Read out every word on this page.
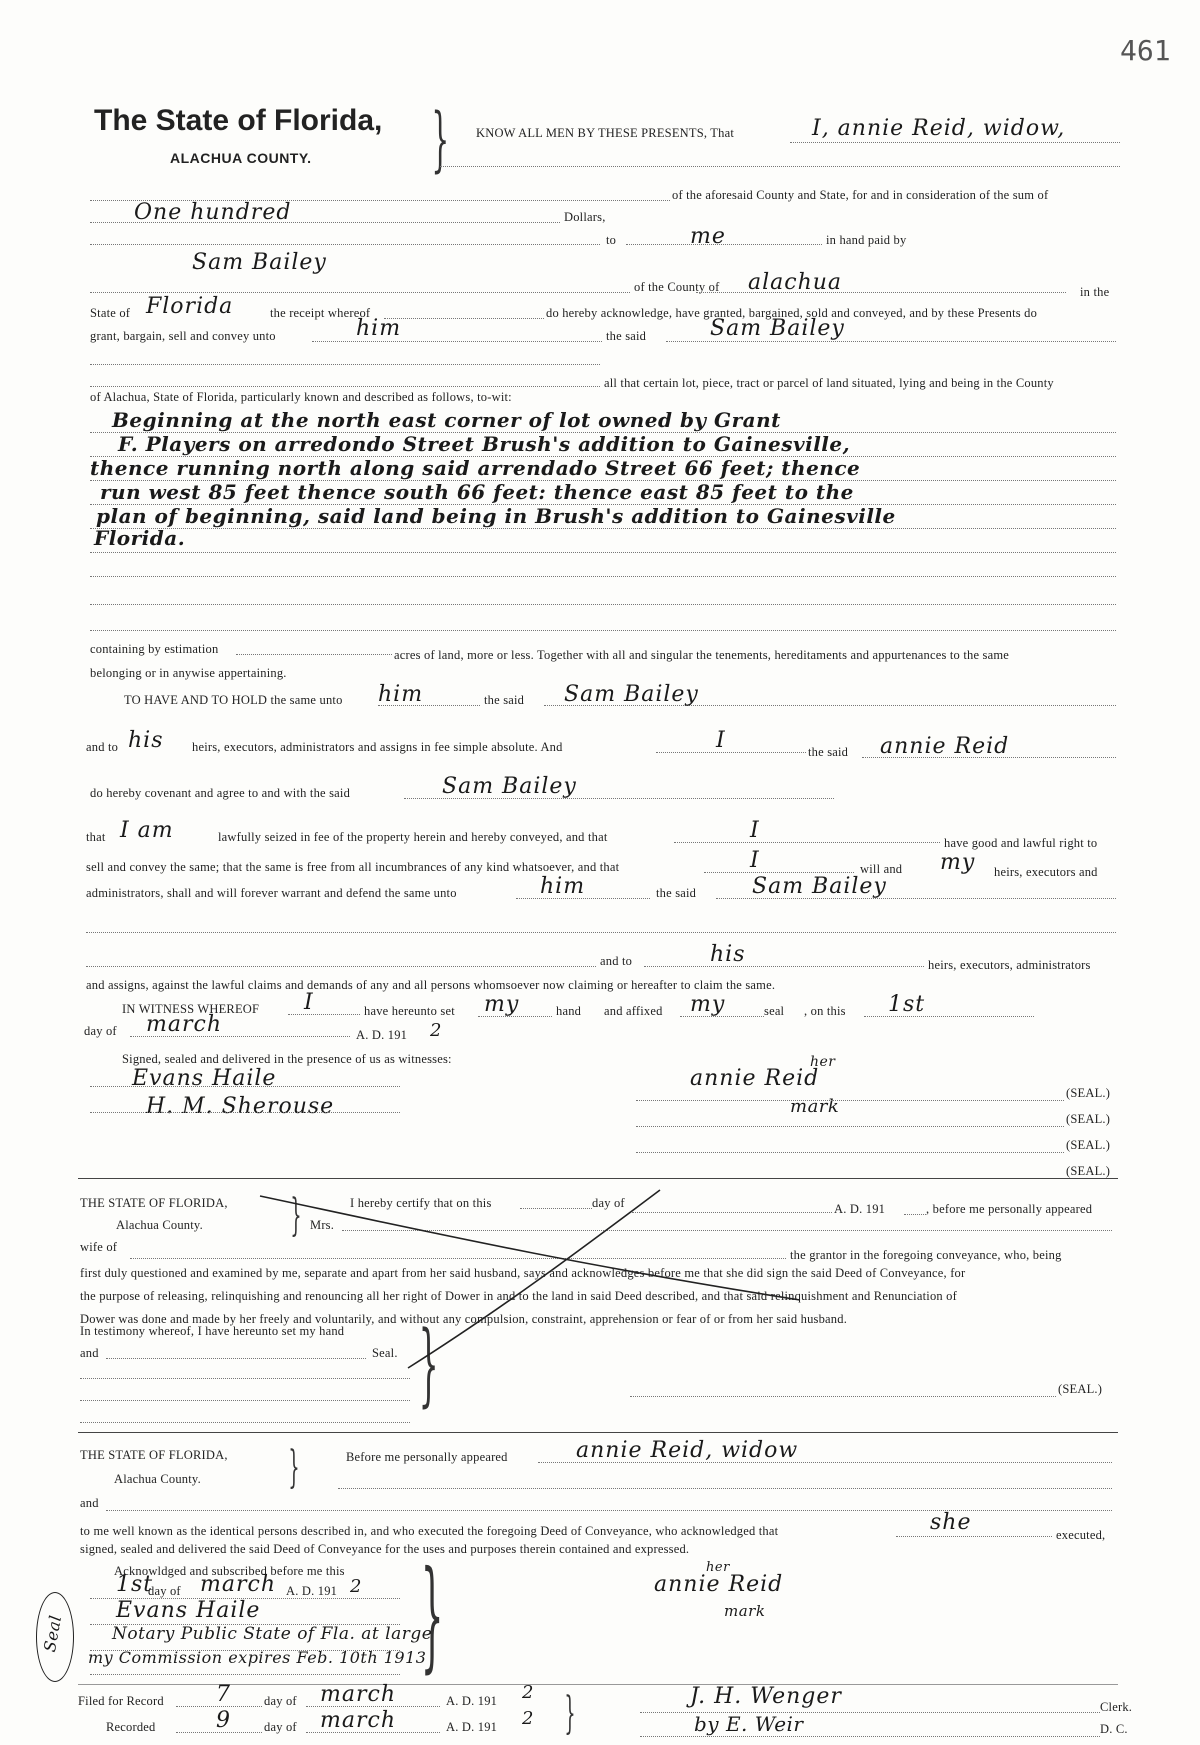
461
The State of Florida,
ALACHUA COUNTY. } KNOW ALL MEN BY THESE PRESENTS, That	I, annie Reid, widow,
of the aforesaid County and State, for and in consideration of the sum of
One hundred	Dollars,
to	me	in hand paid by
Sam Bailey
of the County of alachua	in the
State of Florida	the receipt whereof	do hereby acknowledge, have granted, bargained, sold and conveyed, and by these Presents do
grant, bargain, sell and convey unto	him	the said	Sam Bailey
all that certain lot, piece, tract or parcel of land situated, lying and being in the County
of Alachua, State of Florida, particularly known and described as follows, to-wit:
Beginning at the north east corner of lot owned by Grant
F. Players on arredondo Street Brush's addition to Gainesville,
thence running north along said arrendado Street 66 feet; thence
run west 85 feet thence south 66 feet: thence east 85 feet to the
plan of beginning, said land being in Brush's addition to Gainesville
Florida.
containing by estimation	acres of land, more or less. Together with all and singular the tenements, hereditaments and appurtenances to the same
belonging or in anywise appertaining.
TO HAVE AND TO HOLD the same unto him	the said Sam Bailey
and to his heirs, executors, administrators and assigns in fee simple absolute. And	I	the said annie Reid
do hereby covenant and agree to and with the said	Sam Bailey
that I am	lawfully seized in fee of the property herein and hereby conveyed, and that	I	have good and lawful right to
sell and convey the same; that the same is free from all incumbrances of any kind whatsoever, and that	I	will and my heirs, executors and
administrators, shall and will forever warrant and defend the same unto	him	the said	Sam Bailey
and to	his	heirs, executors, administrators
and assigns, against the lawful claims and demands of any and all persons whomsoever now claiming or hereafter to claim the same.
IN WITNESS WHEREOF I	have hereunto set my	hand and affixed my	seal , on this 1st
day of march	A. D. 191 2
Signed, sealed and delivered in the presence of us as witnesses:
Evans Haile
H. M. Sherouse
annie Reid
her
mark
(SEAL.)
(SEAL.)
(SEAL.)
(SEAL.)
THE STATE OF FLORIDA,
Alachua County. }	I hereby certify that on this	day of	A. D. 191	, before me personally appeared
Mrs.
wife of
the grantor in the foregoing conveyance, who, being
first duly questioned and examined by me, separate and apart from her said husband, says and acknowledges before me that she did sign the said Deed of Conveyance, for
the purpose of releasing, relinquishing and renouncing all her right of Dower in and to the land in said Deed described, and that said relinquishment and Renunciation of
Dower was done and made by her freely and voluntarily, and without any compulsion, constraint, apprehension or fear of or from her said husband.
In testimony whereof, I have hereunto set my hand
and	Seal. }	(SEAL.)
THE STATE OF FLORIDA,
Alachua County. }	Before me personally appeared	annie Reid, widow
and
to me well known as the identical persons described in, and who executed the foregoing Deed of Conveyance, who acknowledged that	she	executed,
signed, sealed and delivered the said Deed of Conveyance for the uses and purposes therein contained and expressed.
Acknowldged and subscribed before me this }
1st
day of march A. D. 191 2
Evans Haile
Notary Public State of Fla. at large
my Commission expires Feb. 10th 1913
Seal
annie Reid
her
mark
Filed for Record 7	day of march	A. D. 191 2
Recorded	9	day of march	A. D. 191 2 }	J. H. Wenger	Clerk.
by E. Weir	D. C.
